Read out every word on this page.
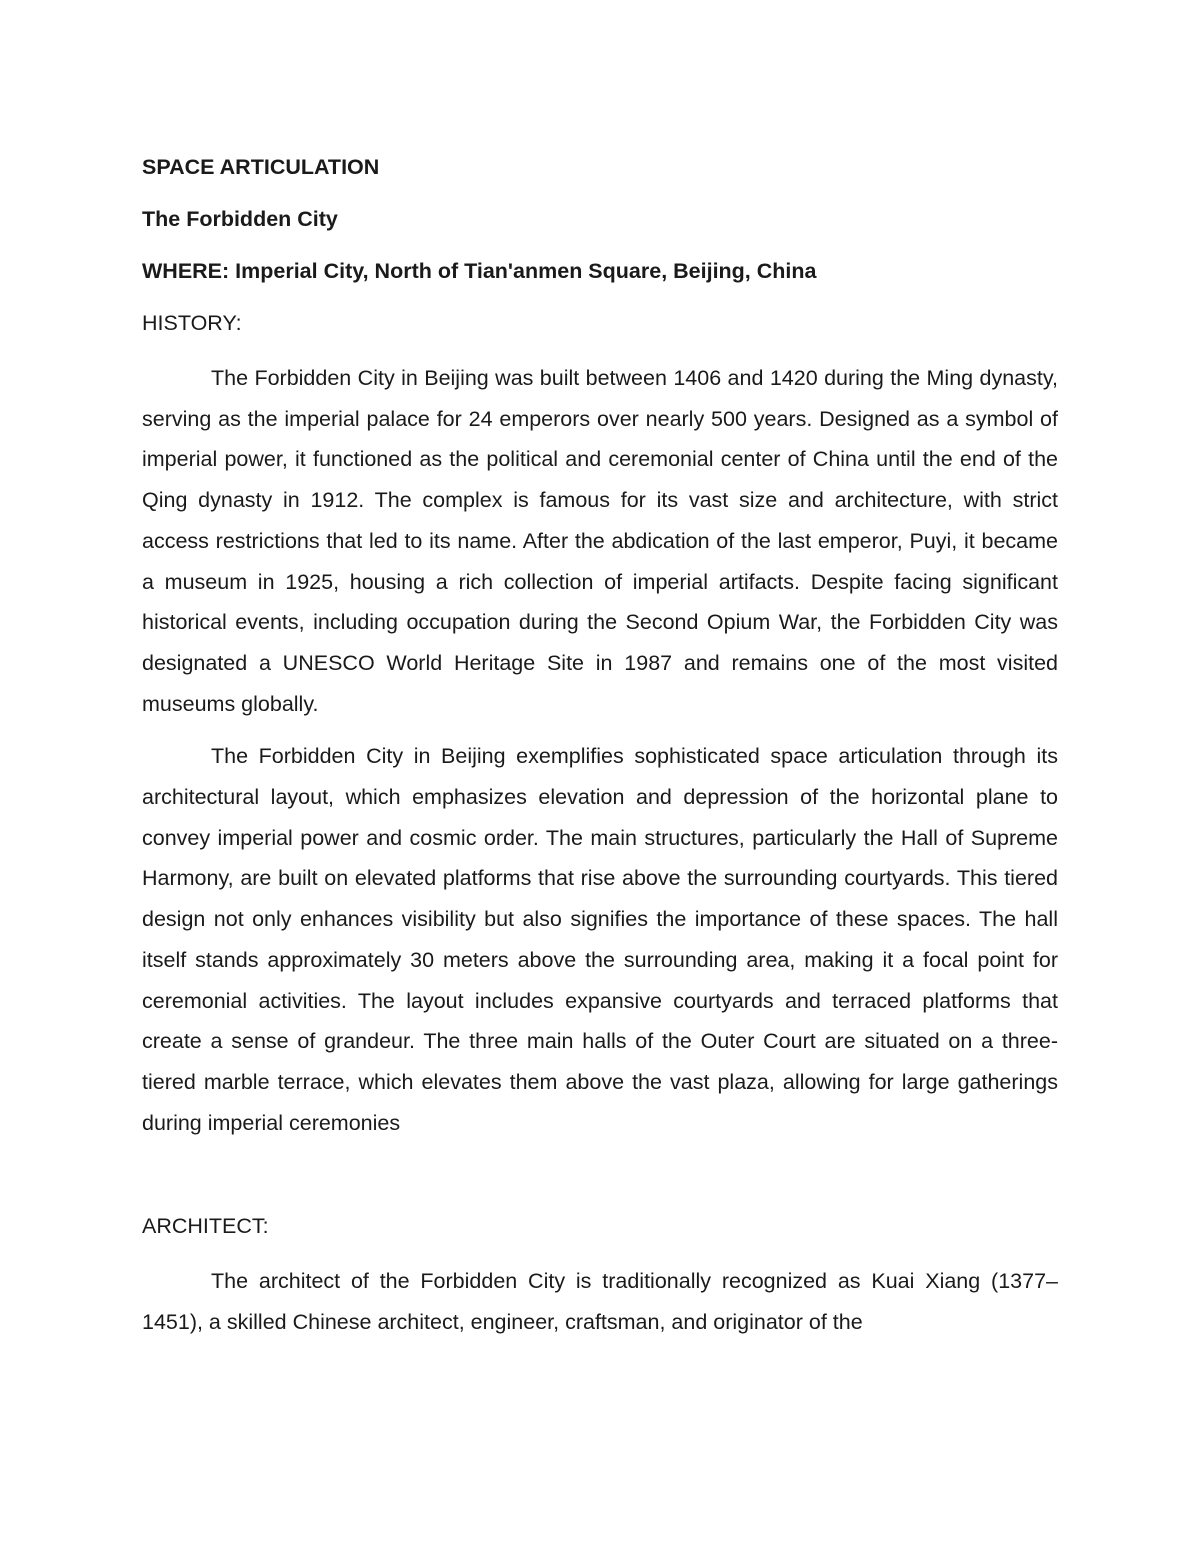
SPACE ARTICULATION

The Forbidden City

WHERE: Imperial City, North of Tian'anmen Square, Beijing, China

HISTORY:

The Forbidden City in Beijing was built between 1406 and 1420 during the Ming dynasty, serving as the imperial palace for 24 emperors over nearly 500 years. Designed as a symbol of imperial power, it functioned as the political and ceremonial center of China until the end of the Qing dynasty in 1912. The complex is famous for its vast size and architecture, with strict access restrictions that led to its name. After the abdication of the last emperor, Puyi, it became a museum in 1925, housing a rich collection of imperial artifacts. Despite facing significant historical events, including occupation during the Second Opium War, the Forbidden City was designated a UNESCO World Heritage Site in 1987 and remains one of the most visited museums globally.

The Forbidden City in Beijing exemplifies sophisticated space articulation through its architectural layout, which emphasizes elevation and depression of the horizontal plane to convey imperial power and cosmic order. The main structures, particularly the Hall of Supreme Harmony, are built on elevated platforms that rise above the surrounding courtyards. This tiered design not only enhances visibility but also signifies the importance of these spaces. The hall itself stands approximately 30 meters above the surrounding area, making it a focal point for ceremonial activities. The layout includes expansive courtyards and terraced platforms that create a sense of grandeur. The three main halls of the Outer Court are situated on a three-tiered marble terrace, which elevates them above the vast plaza, allowing for large gatherings during imperial ceremonies

ARCHITECT:

The architect of the Forbidden City is traditionally recognized as Kuai Xiang (1377–1451), a skilled Chinese architect, engineer, craftsman, and originator of the
